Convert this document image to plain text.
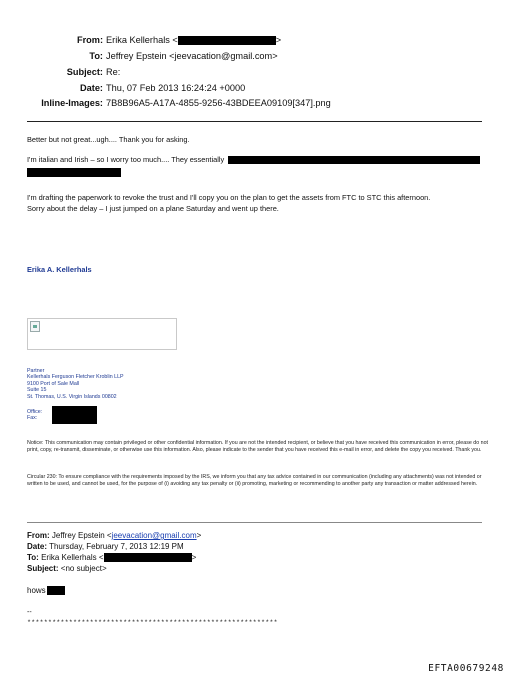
From: Erika Kellerhals <	>
To: Jeffrey Epstein <jeevacation@gmail.com>
Subject: Re:
Date: Thu, 07 Feb 2013 16:24:24 +0000
Inline-Images: 7B8B96A5-A17A-4855-9256-43BDEEA09109[347].png
Better but not great...ugh.... Thank you for asking.
I'm italian and Irish – so I worry too much.... They essentially
I'm drafting the paperwork to revoke the trust and I'll copy you on the plan to get the assets from FTC to STC this afternoon.
Sorry about the delay – I just jumped on a plane Saturday and went up there.
Erika A. Kellerhals
Partner
Kellerhals Ferguson Fletcher Kroblin LLP
9100 Port of Sale Mall
Suite 15
St. Thomas, U.S. Virgin Islands 00802
Office:
Fax:
Notice: This communication may contain privileged or other confidential information. If you are not the intended recipient, or believe that you have received this communication in error, please do not print, copy, re-transmit, disseminate, or otherwise use this information. Also, please indicate to the sender that you have received this e-mail in error, and delete the copy you received. Thank you.
Circular 230: To ensure compliance with the requirements imposed by the IRS, we inform you that any tax advice contained in our communication (including any attachments) was not intended or written to be used, and cannot be used, for the purpose of (i) avoiding any tax penalty or (ii) promoting, marketing or recommending to another party any transaction or matter addressed herein.
From: Jeffrey Epstein <jeevacation@gmail.com>
Date: Thursday, February 7, 2013 12:19 PM
To: Erika Kellerhals <	>
Subject: <no subject>
hows
--
************************************************************
EFTA00679248
